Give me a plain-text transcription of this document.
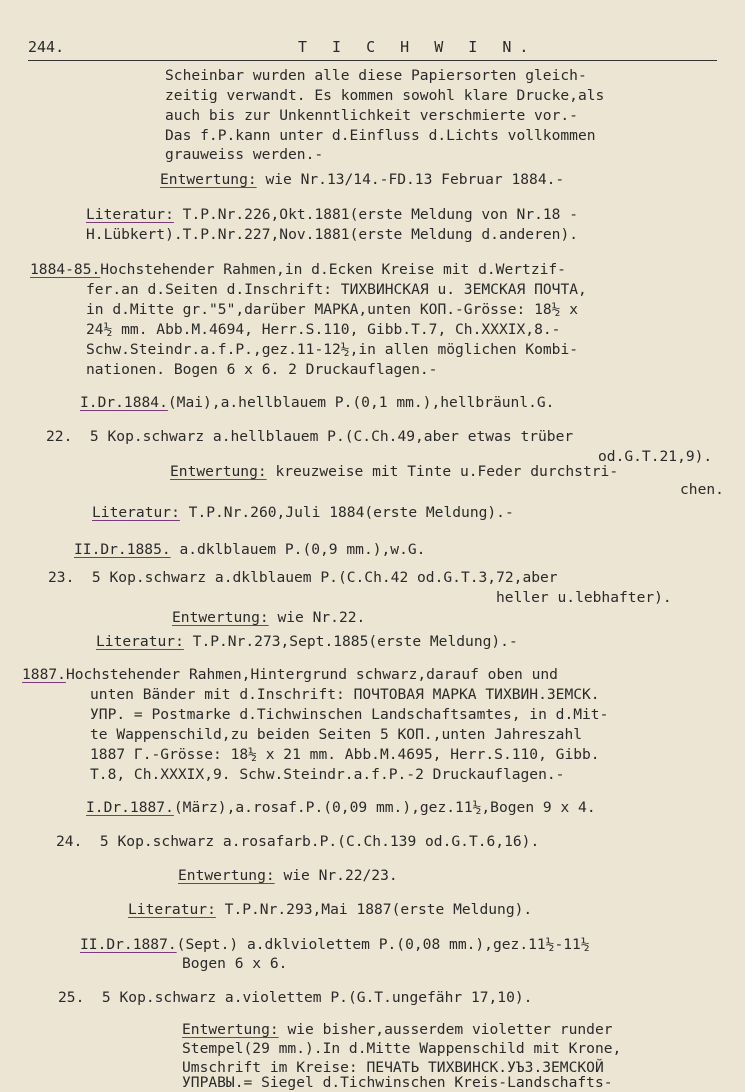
244.	T I C H W I N.
Scheinbar wurden alle diese Papiersorten gleich-
zeitig verwandt. Es kommen sowohl klare Drucke,als
auch bis zur Unkenntlichkeit verschmierte vor.-
Das f.P.kann unter d.Einfluss d.Lichts vollkommen
grauweiss werden.-
Entwertung: wie Nr.13/14.-FD.13 Februar 1884.-
Literatur: T.P.Nr.226,Okt.1881(erste Meldung von Nr.18 -
H.Lübkert).T.P.Nr.227,Nov.1881(erste Meldung d.anderen).
1884-85.Hochstehender Rahmen,in d.Ecken Kreise mit d.Wertzif-
fer.an d.Seiten d.Inschrift: ТИХВИНСКАЯ u. ЗЕМСКАЯ ПОЧТА,
in d.Mitte gr."5",darüber МАРКА,unten КОП.-Grösse: 18½ x
24½ mm. Abb.M.4694, Herr.S.110, Gibb.T.7, Ch.XXXIX,8.-
Schw.Steindr.a.f.P.,gez.11-12½,in allen möglichen Kombi-
nationen. Bogen 6 x 6. 2 Druckauflagen.-
I.Dr.1884.(Mai),a.hellblauem P.(0,1 mm.),hellbräunl.G.
22.  5 Kop.schwarz a.hellblauem P.(C.Ch.49,aber etwas trüber
od.G.T.21,9).
Entwertung: kreuzweise mit Tinte u.Feder durchstri-
chen.
Literatur: T.P.Nr.260,Juli 1884(erste Meldung).-
II.Dr.1885. a.dklblauem P.(0,9 mm.),w.G.
23.  5 Kop.schwarz a.dklblauem P.(C.Ch.42 od.G.T.3,72,aber
heller u.lebhafter).
Entwertung: wie Nr.22.
Literatur: T.P.Nr.273,Sept.1885(erste Meldung).-
1887.Hochstehender Rahmen,Hintergrund schwarz,darauf oben und
unten Bänder mit d.Inschrift: ПОЧТОВАЯ МАРКА ТИХВИН.ЗЕМСК.
УПР. = Postmarke d.Tichwinschen Landschaftsamtes, in d.Mit-
te Wappenschild,zu beiden Seiten 5 КОП.,unten Jahreszahl
1887 Г.-Grösse: 18½ x 21 mm. Abb.M.4695, Herr.S.110, Gibb.
T.8, Ch.XXXIX,9. Schw.Steindr.a.f.P.-2 Druckauflagen.-
I.Dr.1887.(März),a.rosaf.P.(0,09 mm.),gez.11½,Bogen 9 x 4.
24.  5 Kop.schwarz a.rosafarb.P.(C.Ch.139 od.G.T.6,16).
Entwertung: wie Nr.22/23.
Literatur: T.P.Nr.293,Mai 1887(erste Meldung).
II.Dr.1887.(Sept.) a.dklviolettem P.(0,08 mm.),gez.11½-11½
Bogen 6 x 6.
25.  5 Kop.schwarz a.violettem P.(G.T.ungefähr 17,10).
Entwertung: wie bisher,ausserdem violetter runder
Stempel(29 mm.).In d.Mitte Wappenschild mit Krone,
Umschrift im Kreise: ПЕЧАТЬ ТИХВИНСК.УЪЗ.ЗЕМСКОЙ
УПРАВЫ.= Siegel d.Tichwinschen Kreis-Landschafts-
